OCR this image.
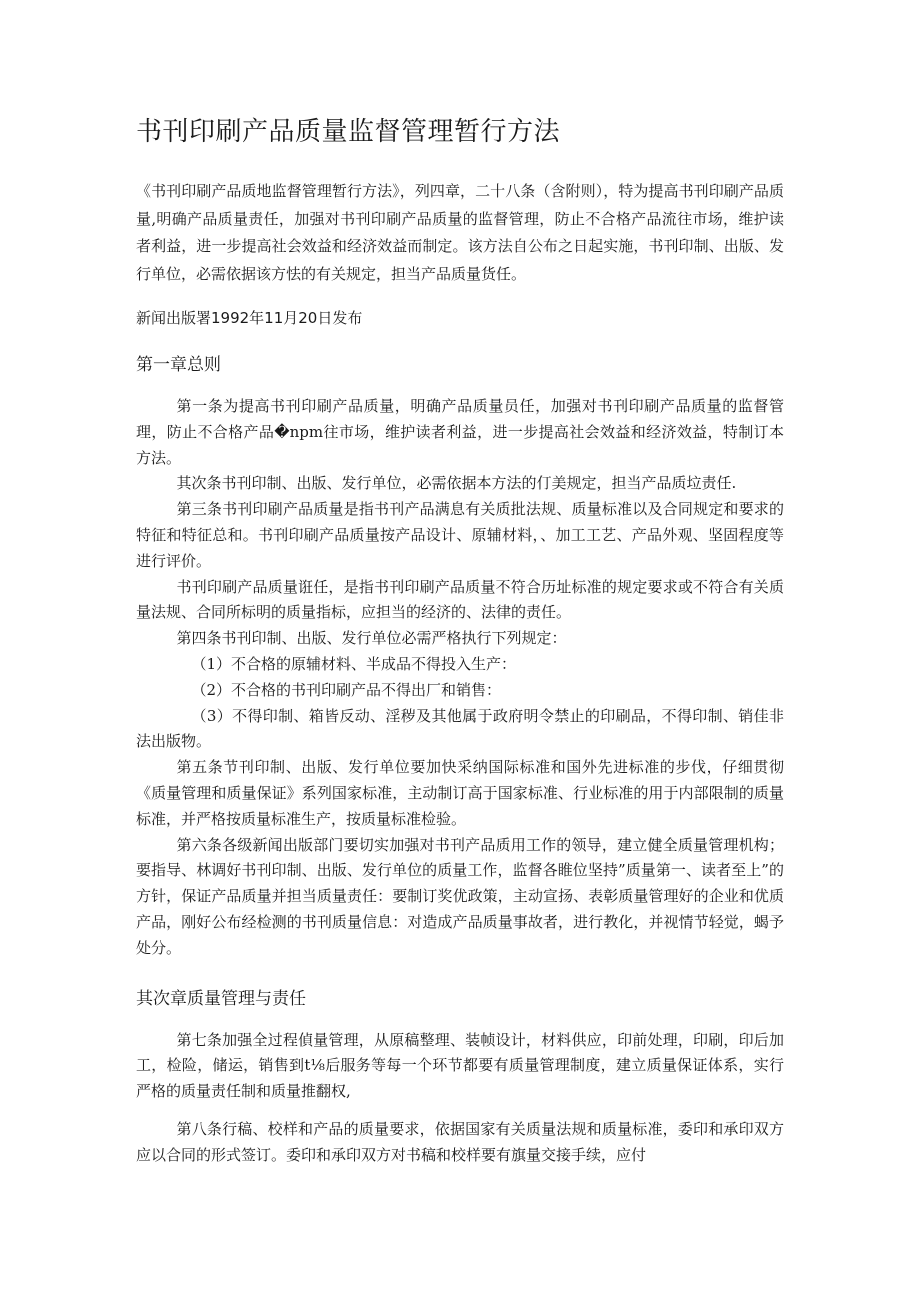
书刊印刷产品质量监督管理暂行方法

《书刊印刷产品质地监督管理暂行方法》，列四章，二十八条（含附则），特为提高书刊印刷产品质量,明确产品质量责任，加强对书刊印刷产品质量的监督管理，防止不合格产品流往市场，维护读者利益，进一步提高社会效益和经济效益而制定。该方法自公布之日起实施，书刊印制、出版、发行单位，必需依据该方怯的有关规定，担当产品质量货任。

新闻出版署1992年11月20日发布

第一章总则

第一条为提高书刊印刷产品质量，明确产品质量员任，加强对书刊印刷产品质量的监督管理，防止不合格产品�npm往市场，维护读者利益，进一步提高社会效益和经济效益，特制订本方法。

其次条书刊印制、出版、发行单位，必需依据本方法的仃美规定，担当产品质垃责任.

第三条书刊印刷产品质量是指书刊产品满息有关质批法规、质量标准以及合同规定和要求的特征和特征总和。书刊印刷产品质量按产品设计、原辅材料，、加工工艺、产品外观、坚固程度等进行评价。

书刊印刷产品质量诳任，是指书刊印刷产品质量不符合历址标准的规定要求或不符合有关质量法规、合同所标明的质量指标，应担当的经济的、法律的责任。

第四条书刊印制、出版、发行单位必需严格执行下列规定：

（1）不合格的原辅材料、半成品不得投入生产：

（2）不合格的书刊印刷产品不得出厂和销售：

（3）不得印制、箱皆反动、淫秽及其他属于政府明令禁止的印刷品，不得印制、销佳非法出版物。

第五条节刊印制、出版、发行单位要加快采纳国际标准和国外先进标准的步伐，仔细贯彻《质量管理和质量保证》系列国家标准，主动制订高于国家标准、行业标准的用于内部限制的质量标准，并严格按质量标准生产，按质量标准检验。

第六条各级新闻出版部门要切实加强对书刊产品质用工作的领导，建立健全质量管理机构；要指导、林调好书刊印制、出版、发行单位的质量工作，监督各睢位坚持”质量第一、读者至上”的方针，保证产品质量并担当质量责任：要制订奖优政策，主动宣扬、表彰质量管理好的企业和优质产品，刚好公布经检测的书刊质量信息：对造成产品质量事故者，进行教化，并视情节轻觉，蝎予处分。

其次章质量管理与责任

第七条加强全过程偵量管理，从原稿整理、装帧设计，材料供应，印前处理，印刷，印后加工，检险，储运，销售到t⅛后服务等每一个环节都要有质量管理制度，建立质量保证体系，实行严格的质量责任制和质量推翻权,

第八条行稿、校样和产品的质量要求，依据国家有关质量法规和质量标准，委印和承印双方应以合同的形式签订。委印和承印双方对书稿和校样要有旗量交接手续，应付
